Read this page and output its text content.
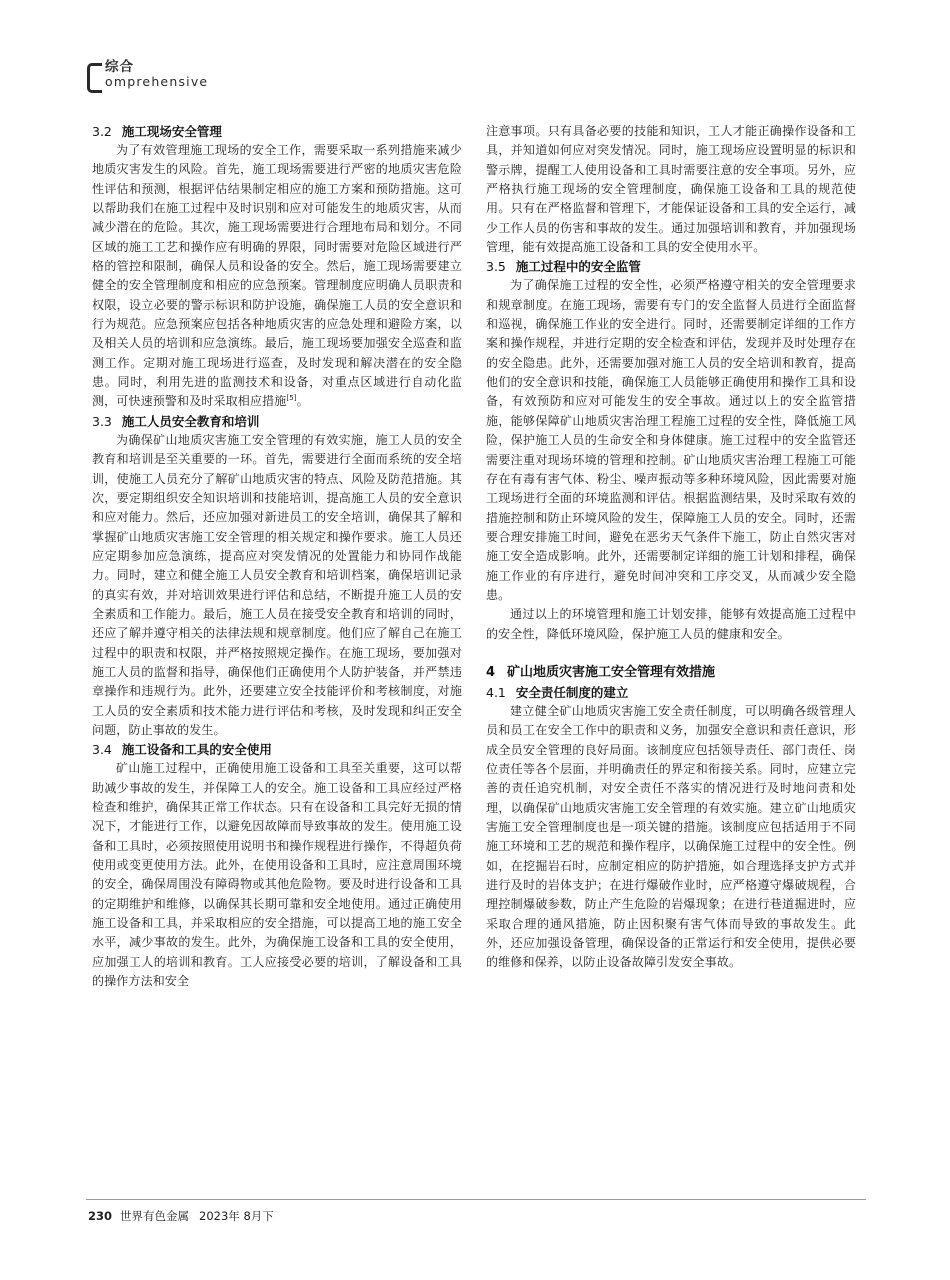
综合
omprehensive
3.2 施工现场安全管理

为了有效管理施工现场的安全工作，需要采取一系列措施来减少地质灾害发生的风险。首先，施工现场需要进行严密的地质灾害危险性评估和预测，根据评估结果制定相应的施工方案和预防措施。这可以帮助我们在施工过程中及时识别和应对可能发生的地质灾害，从而减少潜在的危险。其次，施工现场需要进行合理地布局和划分。不同区域的施工工艺和操作应有明确的界限，同时需要对危险区域进行严格的管控和限制，确保人员和设备的安全。然后，施工现场需要建立健全的安全管理制度和相应的应急预案。管理制度应明确人员职责和权限，设立必要的警示标识和防护设施，确保施工人员的安全意识和行为规范。应急预案应包括各种地质灾害的应急处理和避险方案，以及相关人员的培训和应急演练。最后，施工现场要加强安全巡查和监测工作。定期对施工现场进行巡查，及时发现和解决潜在的安全隐患。同时，利用先进的监测技术和设备，对重点区域进行自动化监测，可快速预警和及时采取相应措施[5]。

3.3 施工人员安全教育和培训

为确保矿山地质灾害施工安全管理的有效实施，施工人员的安全教育和培训是至关重要的一环。首先，需要进行全面而系统的安全培训，使施工人员充分了解矿山地质灾害的特点、风险及防范措施。其次，要定期组织安全知识培训和技能培训，提高施工人员的安全意识和应对能力。然后，还应加强对新进员工的安全培训，确保其了解和掌握矿山地质灾害施工安全管理的相关规定和操作要求。施工人员还应定期参加应急演练，提高应对突发情况的处置能力和协同作战能力。同时，建立和健全施工人员安全教育和培训档案，确保培训记录的真实有效，并对培训效果进行评估和总结，不断提升施工人员的安全素质和工作能力。最后，施工人员在接受安全教育和培训的同时，还应了解并遵守相关的法律法规和规章制度。他们应了解自己在施工过程中的职责和权限，并严格按照规定操作。在施工现场，要加强对施工人员的监督和指导，确保他们正确使用个人防护装备，并严禁违章操作和违规行为。此外，还要建立安全技能评价和考核制度，对施工人员的安全素质和技术能力进行评估和考核，及时发现和纠正安全问题，防止事故的发生。

3.4 施工设备和工具的安全使用

矿山施工过程中，正确使用施工设备和工具至关重要，这可以帮助减少事故的发生，并保障工人的安全。施工设备和工具应经过严格检查和维护，确保其正常工作状态。只有在设备和工具完好无损的情况下，才能进行工作，以避免因故障而导致事故的发生。使用施工设备和工具时，必须按照使用说明书和操作规程进行操作，不得超负荷使用或变更使用方法。此外，在使用设备和工具时，应注意周围环境的安全，确保周围没有障碍物或其他危险物。要及时进行设备和工具的定期维护和维修，以确保其长期可靠和安全地使用。通过正确使用施工设备和工具，并采取相应的安全措施，可以提高工地的施工安全水平，减少事故的发生。此外，为确保施工设备和工具的安全使用，应加强工人的培训和教育。工人应接受必要的培训，了解设备和工具的操作方法和安全

注意事项。只有具备必要的技能和知识，工人才能正确操作设备和工具，并知道如何应对突发情况。同时，施工现场应设置明显的标识和警示牌，提醒工人使用设备和工具时需要注意的安全事项。另外，应严格执行施工现场的安全管理制度，确保施工设备和工具的规范使用。只有在严格监督和管理下，才能保证设备和工具的安全运行，减少工作人员的伤害和事故的发生。通过加强培训和教育，并加强现场管理，能有效提高施工设备和工具的安全使用水平。

3.5 施工过程中的安全监管

为了确保施工过程的安全性，必须严格遵守相关的安全管理要求和规章制度。在施工现场，需要有专门的安全监督人员进行全面监督和巡视，确保施工作业的安全进行。同时，还需要制定详细的工作方案和操作规程，并进行定期的安全检查和评估，发现并及时处理存在的安全隐患。此外，还需要加强对施工人员的安全培训和教育，提高他们的安全意识和技能，确保施工人员能够正确使用和操作工具和设备，有效预防和应对可能发生的安全事故。通过以上的安全监管措施，能够保障矿山地质灾害治理工程施工过程的安全性，降低施工风险，保护施工人员的生命安全和身体健康。施工过程中的安全监管还需要注重对现场环境的管理和控制。矿山地质灾害治理工程施工可能存在有毒有害气体、粉尘、噪声振动等多种环境风险，因此需要对施工现场进行全面的环境监测和评估。根据监测结果，及时采取有效的措施控制和防止环境风险的发生，保障施工人员的安全。同时，还需要合理安排施工时间，避免在恶劣天气条件下施工，防止自然灾害对施工安全造成影响。此外，还需要制定详细的施工计划和排程，确保施工作业的有序进行，避免时间冲突和工序交叉，从而减少安全隐患。

通过以上的环境管理和施工计划安排，能够有效提高施工过程中的安全性，降低环境风险，保护施工人员的健康和安全。

4 矿山地质灾害施工安全管理有效措施
4.1 安全责任制度的建立

建立健全矿山地质灾害施工安全责任制度，可以明确各级管理人员和员工在安全工作中的职责和义务，加强安全意识和责任意识，形成全员安全管理的良好局面。该制度应包括领导责任、部门责任、岗位责任等各个层面，并明确责任的界定和衔接关系。同时，应建立完善的责任追究机制，对安全责任不落实的情况进行及时地问责和处理，以确保矿山地质灾害施工安全管理的有效实施。建立矿山地质灾害施工安全管理制度也是一项关键的措施。该制度应包括适用于不同施工环境和工艺的规范和操作程序，以确保施工过程中的安全性。例如，在挖掘岩石时，应制定相应的防护措施，如合理选择支护方式并进行及时的岩体支护；在进行爆破作业时，应严格遵守爆破规程，合理控制爆破参数，防止产生危险的岩爆现象；在进行巷道掘进时，应采取合理的通风措施，防止因积聚有害气体而导致的事故发生。此外，还应加强设备管理，确保设备的正常运行和安全使用，提供必要的维修和保养，以防止设备故障引发安全事故。

230 世界有色金属 2023年 8月下
